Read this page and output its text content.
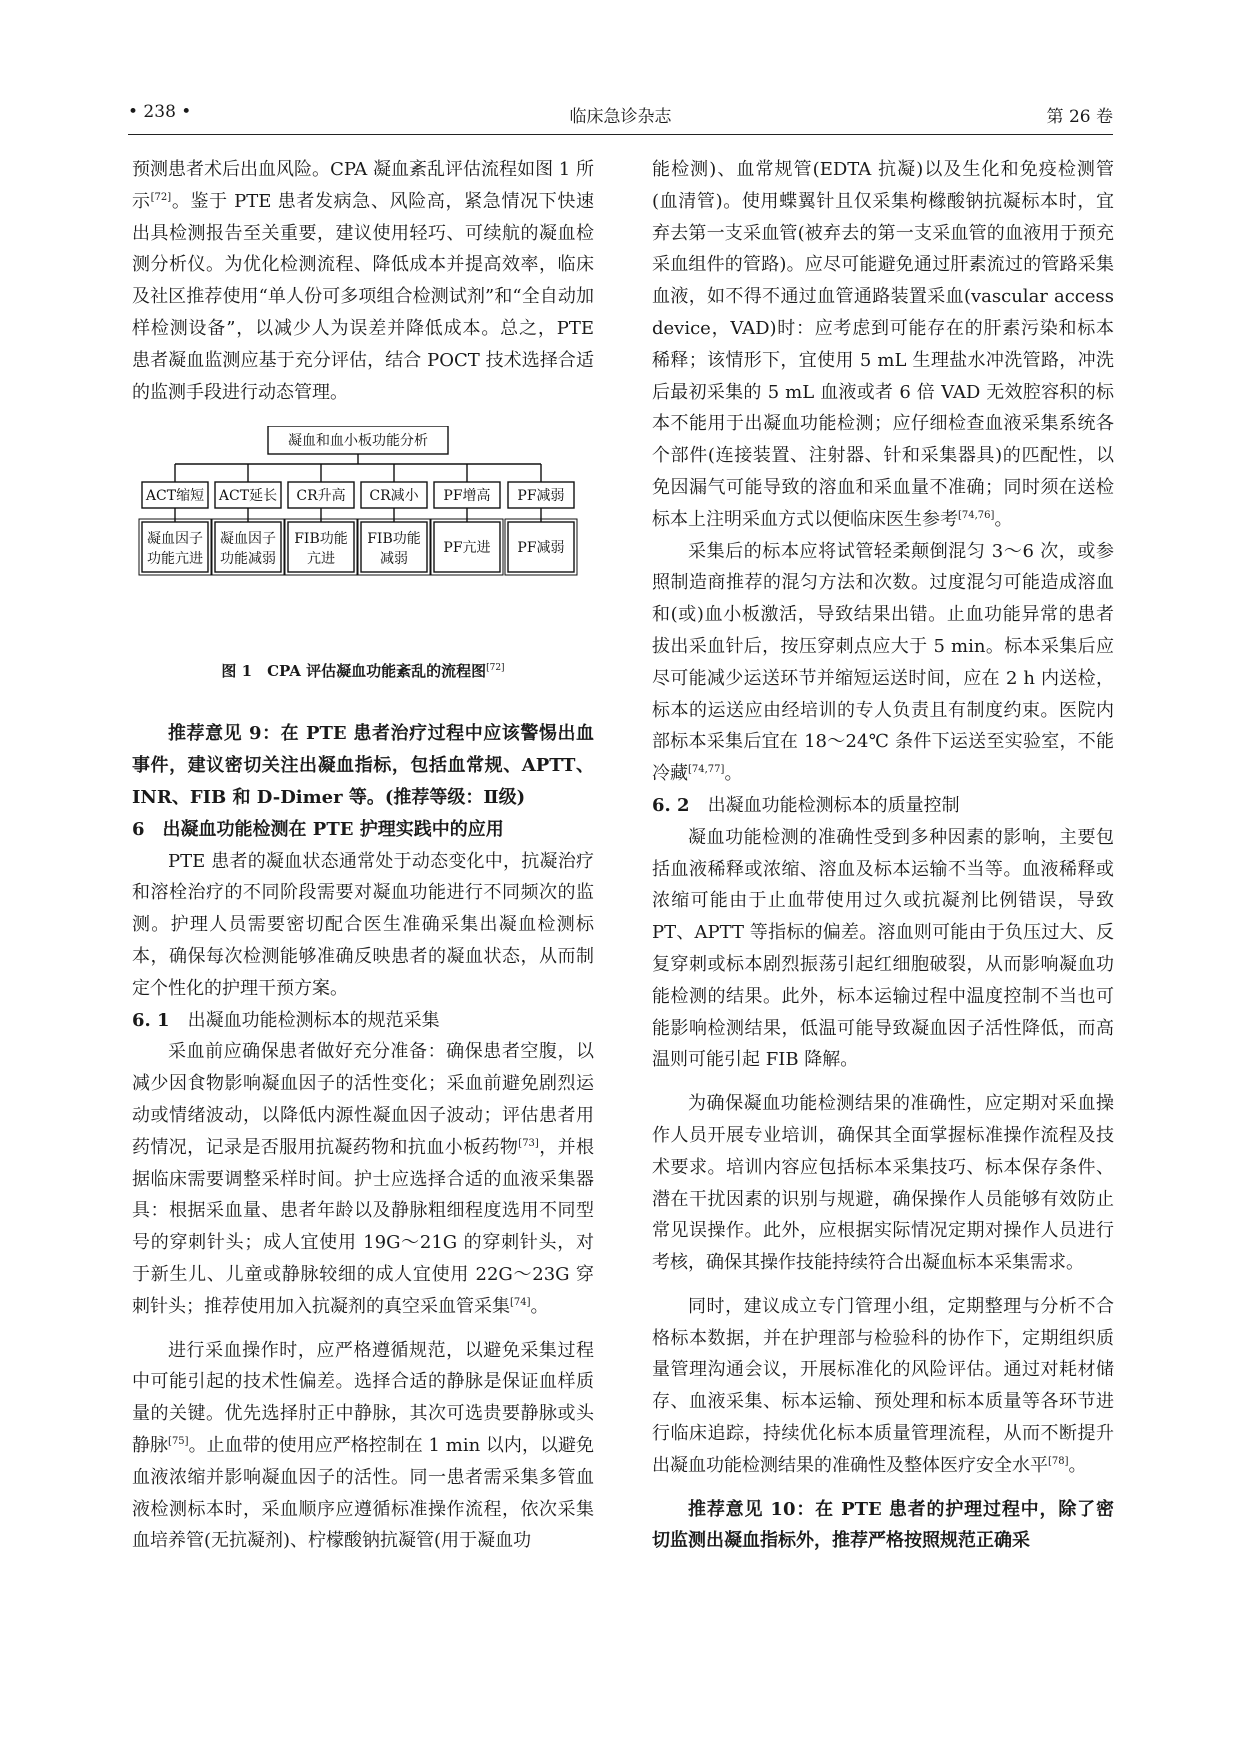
• 238 •	临床急诊杂志	第 26 卷

预测患者术后出血风险。CPA 凝血紊乱评估流程如图 1 所示[72]。鉴于 PTE 患者发病急、风险高，紧急情况下快速出具检测报告至关重要，建议使用轻巧、可续航的凝血检测分析仪。为优化检测流程、降低成本并提高效率，临床及社区推荐使用“单人份可多项组合检测试剂”和“全自动加样检测设备”，以减少人为误差并降低成本。总之，PTE 患者凝血监测应基于充分评估，结合 POCT 技术选择合适的监测手段进行动态管理。

凝血和血小板功能分析
ACT缩短 ACT延长 CR升高 CR减小 PF增高 PF减弱
凝血因子
功能亢进
凝血因子
功能减弱
FIB功能
亢进
FIB功能
减弱
PF亢进 PF减弱
图 1　CPA 评估凝血功能紊乱的流程图[72]

推荐意见 9：在 PTE 患者治疗过程中应该警惕出血事件，建议密切关注出凝血指标，包括血常规、APTT、INR、FIB 和 D-Dimer 等。(推荐等级：Ⅱ级)

6　 出凝血功能检测在 PTE 护理实践中的应用

PTE 患者的凝血状态通常处于动态变化中，抗凝治疗和溶栓治疗的不同阶段需要对凝血功能进行不同频次的监测。护理人员需要密切配合医生准确采集出凝血检测标本，确保每次检测能够准确反映患者的凝血状态，从而制定个性化的护理干预方案。

6. 1　 出凝血功能检测标本的规范采集

采血前应确保患者做好充分准备：确保患者空腹，以减少因食物影响凝血因子的活性变化；采血前避免剧烈运动或情绪波动，以降低内源性凝血因子波动；评估患者用药情况，记录是否服用抗凝药物和抗血小板药物[73]，并根据临床需要调整采样时间。护士应选择合适的血液采集器具：根据采血量、患者年龄以及静脉粗细程度选用不同型号的穿刺针头；成人宜使用 19G～21G 的穿刺针头，对于新生儿、儿童或静脉较细的成人宜使用 22G～23G 穿刺针头；推荐使用加入抗凝剂的真空采血管采集[74]。

进行采血操作时，应严格遵循规范，以避免采集过程中可能引起的技术性偏差。选择合适的静脉是保证血样质量的关键。优先选择肘正中静脉，其次可选贵要静脉或头静脉[75]。止血带的使用应严格控制在 1 min 以内，以避免血液浓缩并影响凝血因子的活性。同一患者需采集多管血液检测标本时，采血顺序应遵循标准操作流程，依次采集血培养管(无抗凝剂)、柠檬酸钠抗凝管(用于凝血功

能检测)、血常规管(EDTA 抗凝)以及生化和免疫检测管(血清管)。使用蝶翼针且仅采集枸橼酸钠抗凝标本时，宜弃去第一支采血管(被弃去的第一支采血管的血液用于预充采血组件的管路)。应尽可能避免通过肝素流过的管路采集血液，如不得不通过血管通路装置采血(vascular access device，VAD)时：应考虑到可能存在的肝素污染和标本稀释；该情形下，宜使用 5 mL 生理盐水冲洗管路，冲洗后最初采集的 5 mL 血液或者 6 倍 VAD 无效腔容积的标本不能用于出凝血功能检测；应仔细检查血液采集系统各个部件(连接装置、注射器、针和采集器具)的匹配性，以免因漏气可能导致的溶血和采血量不准确；同时须在送检标本上注明采血方式以便临床医生参考[74,76]。

采集后的标本应将试管轻柔颠倒混匀 3～6 次，或参照制造商推荐的混匀方法和次数。过度混匀可能造成溶血和(或)血小板激活，导致结果出错。止血功能异常的患者拔出采血针后，按压穿刺点应大于 5 min。标本采集后应尽可能减少运送环节并缩短运送时间，应在 2 h 内送检，标本的运送应由经培训的专人负责且有制度约束。医院内部标本采集后宜在 18～24℃ 条件下运送至实验室，不能冷藏[74,77]。

6. 2　 出凝血功能检测标本的质量控制

凝血功能检测的准确性受到多种因素的影响，主要包括血液稀释或浓缩、溶血及标本运输不当等。血液稀释或浓缩可能由于止血带使用过久或抗凝剂比例错误，导致 PT、APTT 等指标的偏差。溶血则可能由于负压过大、反复穿刺或标本剧烈振荡引起红细胞破裂，从而影响凝血功能检测的结果。此外，标本运输过程中温度控制不当也可能影响检测结果，低温可能导致凝血因子活性降低，而高温则可能引起 FIB 降解。

为确保凝血功能检测结果的准确性，应定期对采血操作人员开展专业培训，确保其全面掌握标准操作流程及技术要求。培训内容应包括标本采集技巧、标本保存条件、潜在干扰因素的识别与规避，确保操作人员能够有效防止常见误操作。此外，应根据实际情况定期对操作人员进行考核，确保其操作技能持续符合出凝血标本采集需求。

同时，建议成立专门管理小组，定期整理与分析不合格标本数据，并在护理部与检验科的协作下，定期组织质量管理沟通会议，开展标准化的风险评估。通过对耗材储存、血液采集、标本运输、预处理和标本质量等各环节进行临床追踪，持续优化标本质量管理流程，从而不断提升出凝血功能检测结果的准确性及整体医疗安全水平[78]。

推荐意见 10：在 PTE 患者的护理过程中，除了密切监测出凝血指标外，推荐严格按照规范正确采
